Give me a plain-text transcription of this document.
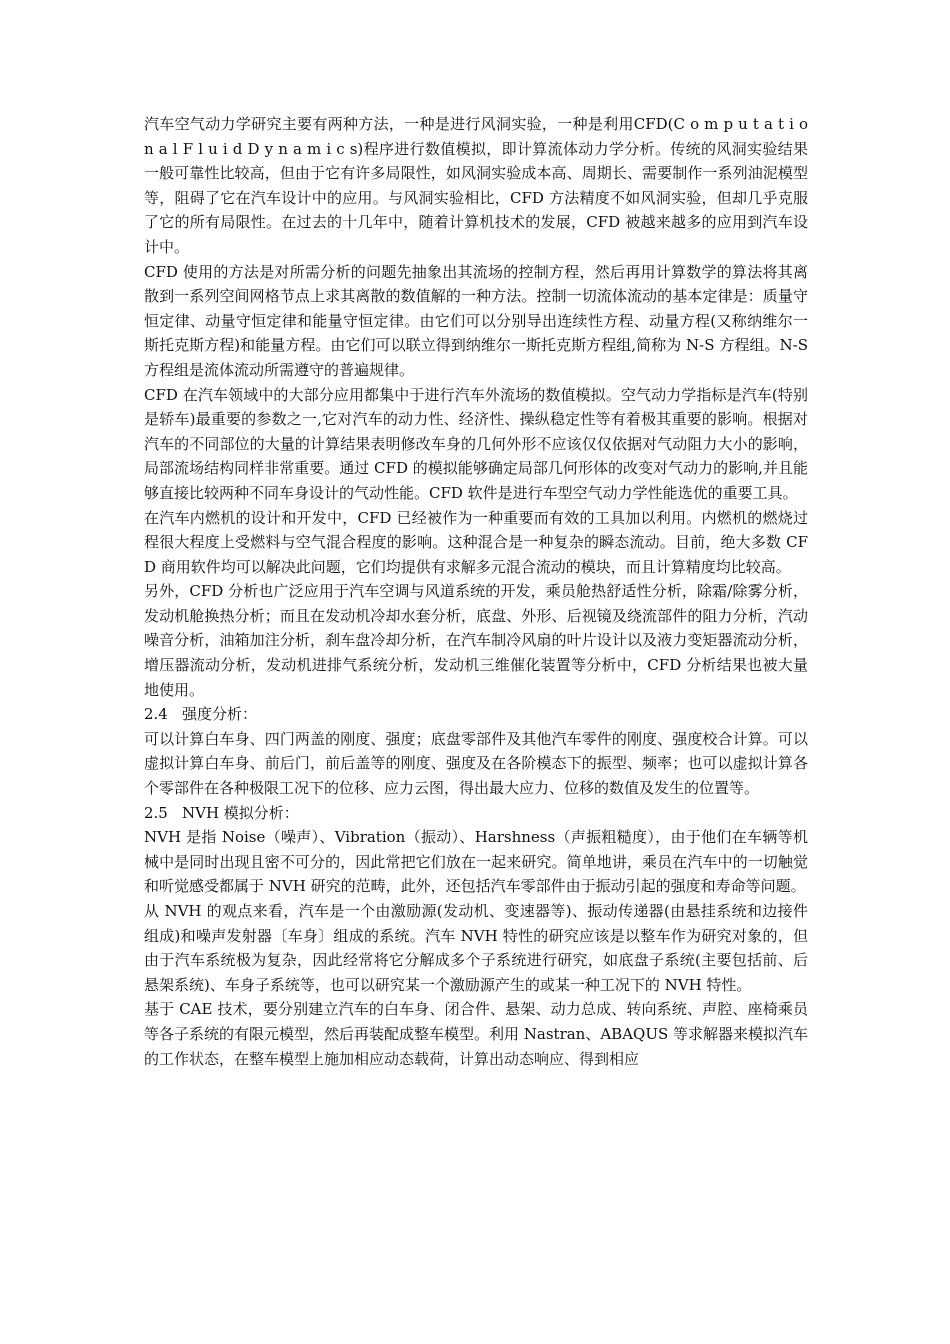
汽车空气动力学研究主要有两种方法，一种是进行风洞实验，一种是利用CFD(C o m p u t a t i o n a l F l u i d D y n a m i c s)程序进行数值模拟，即计算流体动力学分析。传统的风洞实验结果一般可靠性比较高，但由于它有许多局限性，如风洞实验成本高、周期长、需要制作一系列油泥模型等，阻碍了它在汽车设计中的应用。与风洞实验相比，CFD 方法精度不如风洞实验，但却几乎克服了它的所有局限性。在过去的十几年中，随着计算机技术的发展，CFD 被越来越多的应用到汽车设计中。

CFD 使用的方法是对所需分析的问题先抽象出其流场的控制方程，然后再用计算数学的算法将其离散到一系列空间网格节点上求其离散的数值解的一种方法。控制一切流体流动的基本定律是：质量守恒定律、动量守恒定律和能量守恒定律。由它们可以分别导出连续性方程、动量方程(又称纳维尔一斯托克斯方程)和能量方程。由它们可以联立得到纳维尔一斯托克斯方程组,简称为 N-S 方程组。N-S 方程组是流体流动所需遵守的普遍规律。

CFD 在汽车领域中的大部分应用都集中于进行汽车外流场的数值模拟。空气动力学指标是汽车(特别是轿车)最重要的参数之一,它对汽车的动力性、经济性、操纵稳定性等有着极其重要的影响。根据对汽车的不同部位的大量的计算结果表明修改车身的几何外形不应该仅仅依据对气动阻力大小的影响，局部流场结构同样非常重要。通过 CFD 的模拟能够确定局部几何形体的改变对气动力的影响,并且能够直接比较两种不同车身设计的气动性能。CFD 软件是进行车型空气动力学性能选优的重要工具。

在汽车内燃机的设计和开发中，CFD 已经被作为一种重要而有效的工具加以利用。内燃机的燃烧过程很大程度上受燃料与空气混合程度的影响。这种混合是一种复杂的瞬态流动。目前，绝大多数 CFD 商用软件均可以解决此问题，它们均提供有求解多元混合流动的模块，而且计算精度均比较高。

另外，CFD 分析也广泛应用于汽车空调与风道系统的开发，乘员舱热舒适性分析，除霜/除雾分析，发动机舱换热分析；而且在发动机冷却水套分析，底盘、外形、后视镜及绕流部件的阻力分析，汽动噪音分析，油箱加注分析，刹车盘冷却分析，在汽车制冷风扇的叶片设计以及液力变矩器流动分析，增压器流动分析，发动机进排气系统分析，发动机三维催化装置等分析中，CFD 分析结果也被大量地使用。

2.4 强度分析：

可以计算白车身、四门两盖的刚度、强度；底盘零部件及其他汽车零件的刚度、强度校合计算。可以虚拟计算白车身、前后门，前后盖等的刚度、强度及在各阶模态下的振型、频率；也可以虚拟计算各个零部件在各种极限工况下的位移、应力云图，得出最大应力、位移的数值及发生的位置等。

2.5 NVH 模拟分析：

NVH 是指 Noise（噪声）、Vibration（振动）、Harshness（声振粗糙度），由于他们在车辆等机械中是同时出现且密不可分的，因此常把它们放在一起来研究。简单地讲，乘员在汽车中的一切触觉和听觉感受都属于 NVH 研究的范畴，此外，还包括汽车零部件由于振动引起的强度和寿命等问题。

从 NVH 的观点来看，汽车是一个由激励源(发动机、变速器等)、振动传递器(由悬挂系统和边接件组成)和噪声发射器〔车身〕组成的系统。汽车 NVH 特性的研究应该是以整车作为研究对象的，但由于汽车系统极为复杂，因此经常将它分解成多个子系统进行研究，如底盘子系统(主要包括前、后悬架系统)、车身子系统等，也可以研究某一个激励源产生的或某一种工况下的 NVH 特性。

基于 CAE 技术，要分别建立汽车的白车身、闭合件、悬架、动力总成、转向系统、声腔、座椅乘员等各子系统的有限元模型，然后再装配成整车模型。利用 Nastran、ABAQUS 等求解器来模拟汽车的工作状态，在整车模型上施加相应动态载荷，计算出动态响应、得到相应
